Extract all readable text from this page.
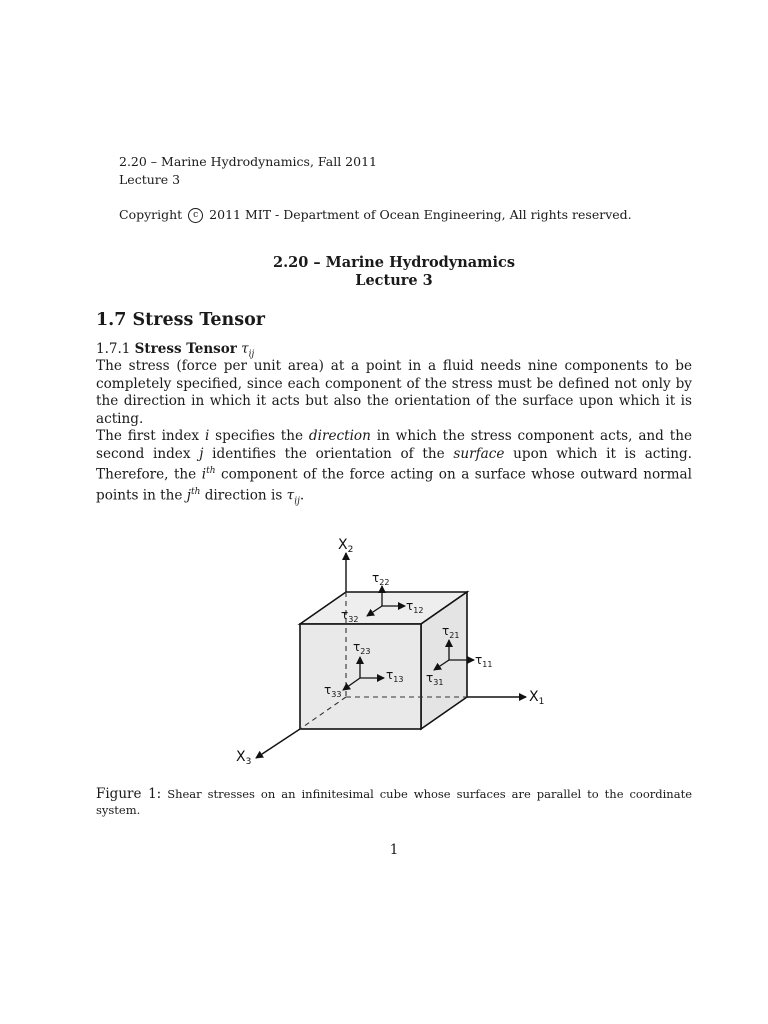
2.20 – Marine Hydrodynamics, Fall 2011
Lecture 3
Copyright c 2011 MIT - Department of Ocean Engineering, All rights reserved.
2.20 – Marine Hydrodynamics
Lecture 3
1.7 Stress Tensor
1.7.1 Stress Tensor $\tau_{ij}$
The stress (force per unit area) at a point in a fluid needs nine components to be completely specified, since each component of the stress must be defined not only by the direction in which it acts but also the orientation of the surface upon which it is acting.
The first index i specifies the direction in which the stress component acts, and the second index j identifies the orientation of the surface upon which it is acting. Therefore, the $i^{th}$ component of the force acting on a surface whose outward normal points in the $j^{th}$ direction is $\tau_{ij}$.
$X_2$
$X_1$
$X_3$
$\tau_{22}$
$\tau_{12}$
$\tau_{32}$
$\tau_{21}$
$\tau_{11}$
$\tau_{31}$
$\tau_{23}$
$\tau_{13}$
$\tau_{33}$
Figure 1: Shear stresses on an infinitesimal cube whose surfaces are parallel to the coordinate system.
1
